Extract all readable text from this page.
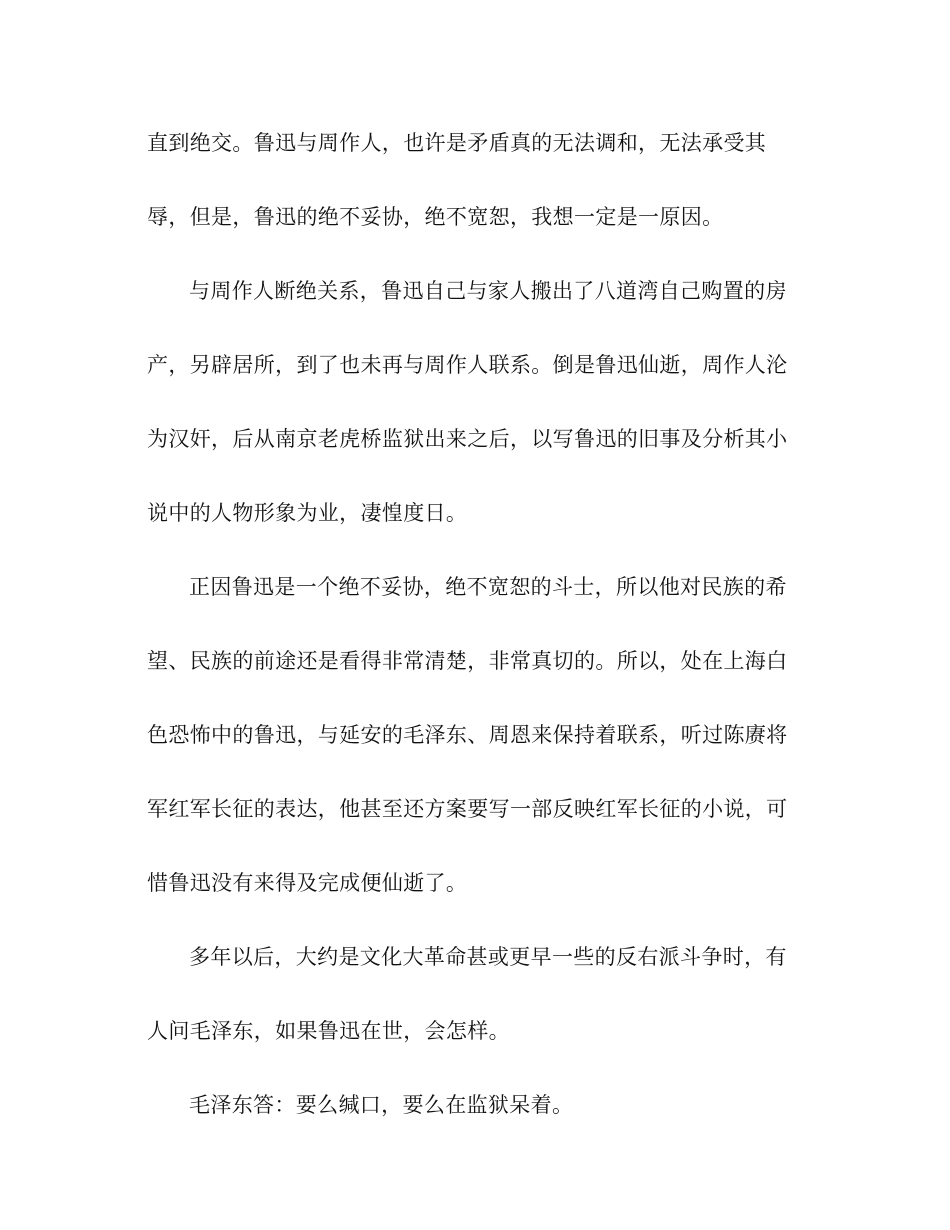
直到绝交。鲁迅与周作人，也许是矛盾真的无法调和，无法承受其
辱，但是，鲁迅的绝不妥协，绝不宽恕，我想一定是一原因。
与周作人断绝关系，鲁迅自己与家人搬出了八道湾自己购置的房
产，另辟居所，到了也未再与周作人联系。倒是鲁迅仙逝，周作人沦
为汉奸，后从南京老虎桥监狱出来之后，以写鲁迅的旧事及分析其小
说中的人物形象为业，凄惶度日。
正因鲁迅是一个绝不妥协，绝不宽恕的斗士，所以他对民族的希
望、民族的前途还是看得非常清楚，非常真切的。所以，处在上海白
色恐怖中的鲁迅，与延安的毛泽东、周恩来保持着联系，听过陈赓将
军红军长征的表达，他甚至还方案要写一部反映红军长征的小说，可
惜鲁迅没有来得及完成便仙逝了。
多年以后，大约是文化大革命甚或更早一些的反右派斗争时，有
人问毛泽东，如果鲁迅在世，会怎样。
毛泽东答：要么缄口，要么在监狱呆着。
